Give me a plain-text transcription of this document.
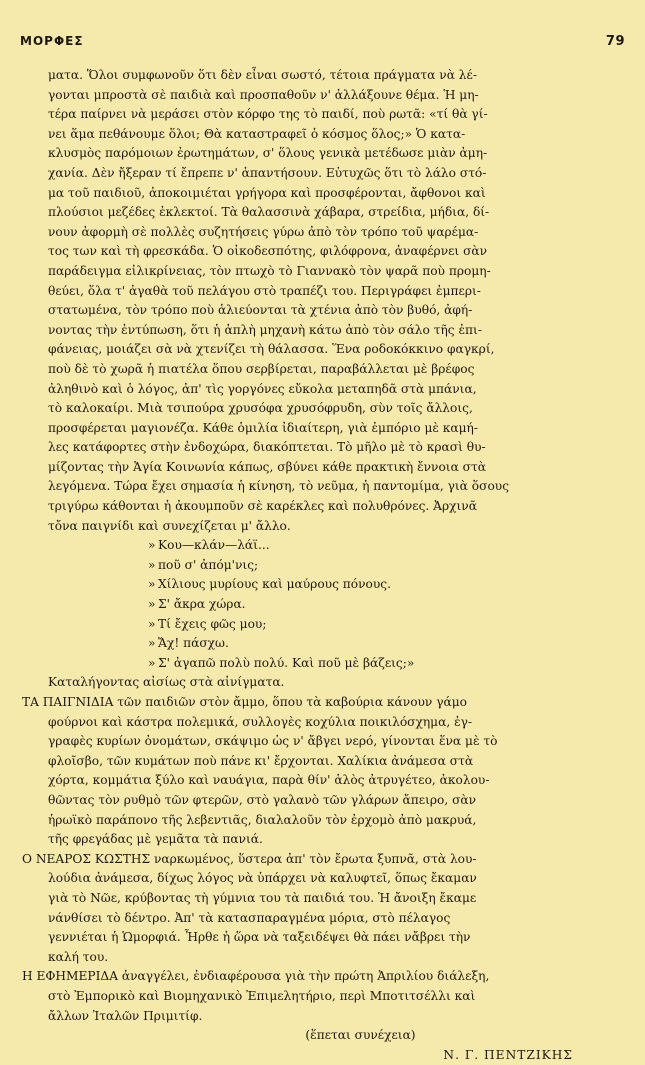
ΜΟΡΦΕΣ	79
ματα. Ὅλοι συμφωνοῦν ὅτι δὲν εἶναι σωστό, τέτοια πράγματα νὰ λέ-
γονται μπροστὰ σὲ παιδιὰ καὶ προσπαθοῦν ν' ἀλλάξουνε θέμα. Ἡ μη-
τέρα παίρνει νὰ μεράσει στὸν κόρφο της τὸ παιδί, ποὺ ρωτᾶ: «τί θὰ γί-
νει ἅμα πεθάνουμε ὅλοι; Θὰ καταστραφεῖ ὁ κόσμος ὅλος;» Ὁ κατα-
κλυσμὸς παρόμοιων ἐρωτημάτων, σ' ὅλους γενικὰ μετέδωσε μιὰν ἀμη-
χανία. Δὲν ἤξεραν τί ἔπρεπε ν' ἀπαντήσουν. Εὐτυχῶς ὅτι τὸ λάλο στό-
μα τοῦ παιδιοῦ, ἀποκοιμιέται γρήγορα καὶ προσφέρονται, ἄφθονοι καὶ
πλούσιοι μεζέδες ἐκλεκτοί. Τὰ θαλασσινὰ χάβαρα, στρείδια, μήδια, δί-
νουν ἀφορμὴ σὲ πολλὲς συζητήσεις γύρω ἀπὸ τὸν τρόπο τοῦ ψαρέμα-
τος των καὶ τὴ φρεσκάδα. Ὁ οἰκοδεσπότης, φιλόφρονα, ἀναφέρνει σὰν
παράδειγμα εἰλικρίνειας, τὸν πτωχὸ τὸ Γιαννακὸ τὸν ψαρᾶ ποὺ προμη-
θεύει, ὅλα τ' ἀγαθὰ τοῦ πελάγου στὸ τραπέζι του. Περιγράφει ἐμπερι-
στατωμένα, τὸν τρόπο ποὺ ἁλιεύονται τὰ χτένια ἀπὸ τὸν βυθό, ἀφή-
νοντας τὴν ἐντύπωση, ὅτι ἡ ἁπλὴ μηχανὴ κάτω ἀπὸ τὸν σάλο τῆς ἐπι-
φάνειας, μοιάζει σὰ νὰ χτενίζει τὴ θάλασσα. Ἕνα ροδοκόκκινο φαγκρί,
ποὺ δὲ τὸ χωρᾶ ἡ πιατέλα ὅπου σερβίρεται, παραβάλλεται μὲ βρέφος
ἀληθινὸ καὶ ὁ λόγος, ἀπ' τὶς γοργόνες εὔκολα μεταπηδᾶ στὰ μπάνια,
τὸ καλοκαίρι. Μιὰ τσιπούρα χρυσόφα χρυσόφρυδη, σὺν τοῖς ἄλλοις,
προσφέρεται μαγιονέζα. Κάθε ὁμιλία ἰδιαίτερη, γιὰ ἐμπόριο μὲ καμή-
λες κατάφορτες στὴν ἐνδοχώρα, διακόπτεται. Τὸ μῆλο μὲ τὸ κρασὶ θυ-
μίζοντας τὴν Ἁγία Κοινωνία κάπως, σβύνει κάθε πρακτικὴ ἔννοια στὰ
λεγόμενα. Τώρα ἔχει σημασία ἡ κίνηση, τὸ νεῦμα, ἡ παντομίμα, γιὰ ὅσους
τριγύρω κάθονται ἡ ἀκουμποῦν σὲ καρέκλες καὶ πολυθρόνες. Ἀρχινᾶ
τὄνα παιγνίδι καὶ συνεχίζεται μ' ἄλλο.
» Κου—κλάν—λάϊ...
» ποῦ σ' ἀπόμ'νις;
» Χίλιους μυρίους καὶ μαύρους πόνους.
» Σ' ἄκρα χώρα.
» Τί ἔχεις φῶς μου;
» Ἄχ! πάσχω.
» Σ' ἀγαπῶ πολὺ πολύ. Καὶ ποῦ μὲ βάζεις;»
Καταλήγοντας αἰσίως στὰ αἰνίγματα.
ΤΑ ΠΑΙΓΝΙΔΙΑ τῶν παιδιῶν στὸν ἄμμο, ὅπου τὰ καβούρια κάνουν γάμο
φούρνοι καὶ κάστρα πολεμικά, συλλογὲς κοχύλια ποικιλόσχημα, ἐγ-
γραφὲς κυρίων ὀνομάτων, σκάψιμο ὡς ν' ἄβγει νερό, γίνονται ἕνα μὲ τὸ
φλοῖσβο, τῶν κυμάτων ποὺ πάνε κι' ἔρχονται. Χαλίκια ἀνάμεσα στὰ
χόρτα, κομμάτια ξύλο καὶ ναυάγια, παρὰ θίν' ἁλὸς ἀτρυγέτεο, ἀκολου-
θῶντας τὸν ρυθμὸ τῶν φτερῶν, στὸ γαλανὸ τῶν γλάρων ἄπειρο, σὰν
ἡρωϊκὸ παράπονο τῆς λεβεντιᾶς, διαλαλοῦν τὸν ἐρχομὸ ἀπὸ μακρυά,
τῆς φρεγάδας μὲ γεμᾶτα τὰ πανιά.
Ο ΝΕΑΡΟΣ ΚΩΣΤΗΣ ναρκωμένος, ὕστερα ἀπ' τὸν ἔρωτα ξυπνᾶ, στὰ λου-
λούδια ἀνάμεσα, δίχως λόγος νὰ ὑπάρχει νὰ καλυφτεῖ, ὅπως ἔκαμαν
γιὰ τὸ Νῶε, κρύβοντας τὴ γύμνια του τὰ παιδιά του. Ἡ ἄνοιξη ἔκαμε
νάνθίσει τὸ δέντρο. Ἀπ' τὰ κατασπαραγμένα μόρια, στὸ πέλαγος
γεννιέται ἡ Ὡμορφιά. Ἦρθε ἡ ὥρα νὰ ταξειδέψει θὰ πάει νἄβρει τὴν
καλή του.
Η ΕΦΗΜΕΡΙΔΑ ἀναγγέλει, ἐνδιαφέρουσα γιὰ τὴν πρώτη Ἀπριλίου διάλεξη,
στὸ Ἐμπορικὸ καὶ Βιομηχανικὸ Ἐπιμελητήριο, περὶ Μποτιτσέλλι καὶ
ἄλλων Ἰταλῶν Πριμιτίφ.
(ἕπεται συνέχεια)
Ν. Γ. ΠΕΝΤΖΙΚΗΣ
